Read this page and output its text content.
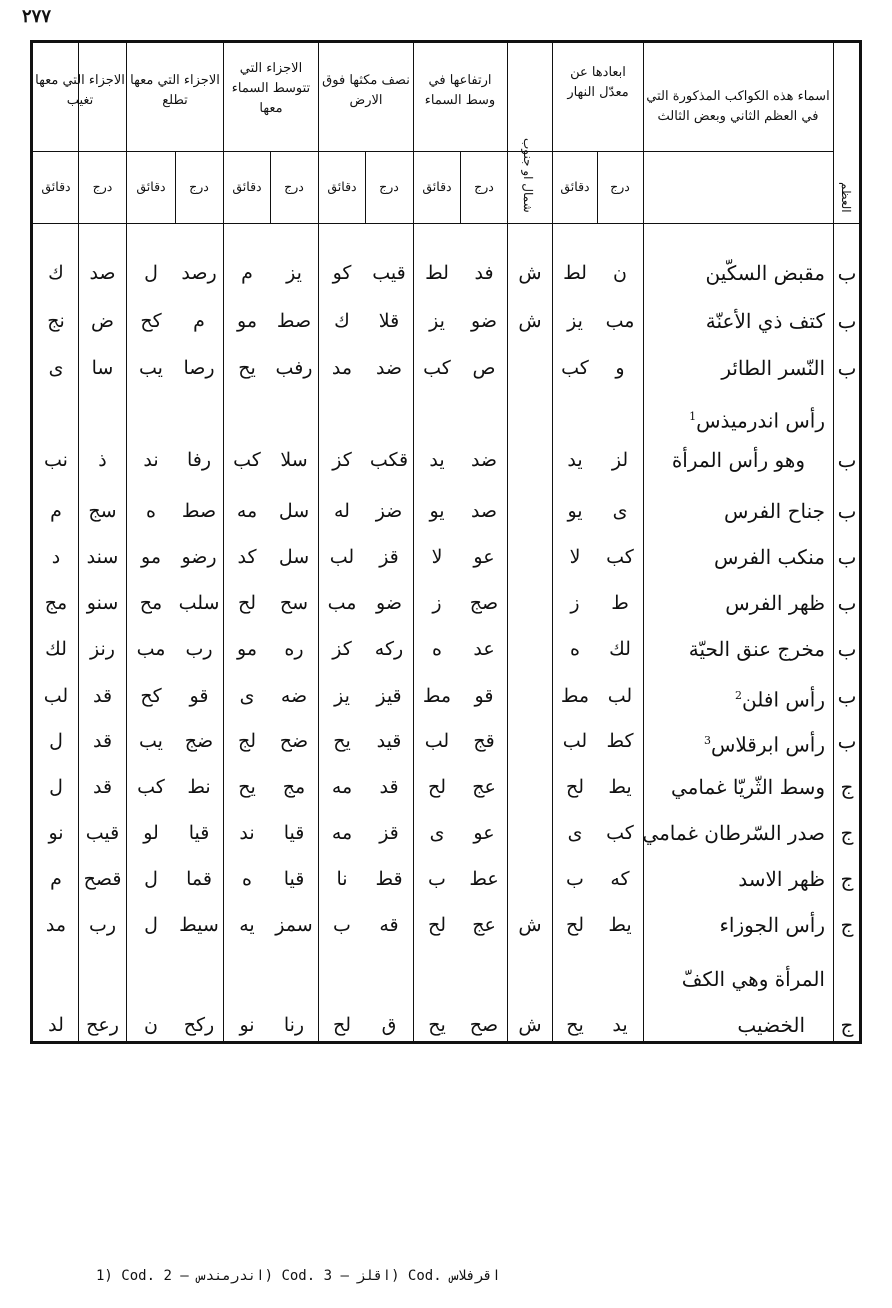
٢٧٧
اسماء هذه الكواكب المذكورة التي في العظم الثاني وبعض الثالث
العظم
ابعادها عن معدّل النهار
شمال او جنوب
ارتفاعها في وسط السماء
نصف مكثها فوق الارض
الاجزاء التي تتوسط السماء معها
الاجزاء التي معها تطلع
الاجزاء التي معها تغيب
درج
دقائق
درج
دقائق
درج
دقائق
درج
دقائق
درج
دقائق
درج
دقائق
ب
مقبض السكّين
ن
لط
ش
فد
لط
قيب
كو
يز
م
رصد
ل
صد
ك
ب
كتف ذي الأعنّة
مب
يز
ش
ضو
يز
قلا
ك
صط
مو
م
كح
ض
نج
ب
النّسر الطائر
و
كب
ص
كب
ضد
مد
رفب
يح
رصا
يب
سا
ى
ب
رأس اندرميذس$^1$
وهو رأس المرأة
لز
يد
ضد
يد
قكب
كز
سلا
كب
رفا
ند
ذ
نب
ب
جناح الفرس
ى
يو
صد
يو
ضز
له
سل
مه
صط
ه
سج
م
ب
منكب الفرس
كب
لا
عو
لا
قز
لب
سل
كد
رضو
مو
سند
د
ب
ظهر الفرس
ط
ز
صج
ز
ضو
مب
سح
لح
سلب
مح
سنو
مج
ب
مخرج عنق الحيّة
لك
ه
عد
ه
ركه
كز
ره
مو
رب
مب
رنز
لك
ب
رأس افلن$^2$
لب
مط
قو
مط
قيز
يز
ضه
ى
قو
كح
قد
لب
ب
رأس ابرقلاس$^3$
كط
لب
قج
لب
قيد
يح
ضح
لج
ضج
يب
قد
ل
ج
وسط الثّريّا غمامي
يط
لح
عج
لح
قد
مه
مج
يح
نط
كب
قد
ل
ج
صدر السّرطان غمامي
كب
ى
عو
ى
قز
مه
قيا
ند
قيا
لو
قيب
نو
ج
ظهر الاسد
كه
ب
عط
ب
قط
نا
قيا
ه
قما
ل
قصح
م
ج
رأس الجوزاء
يط
لح
ش
عج
لح
قه
ب
سمز
يه
سيط
ل
رب
مد
ج
المرأة وهي الكفّ
الخضيب
يد
يح
ش
صح
يح
ق
لح
رنا
نو
ركح
ن
رعح
لد
1) Cod. اندرمندس — 2) Cod. اقلز — 3) Cod. اقرفلاس
